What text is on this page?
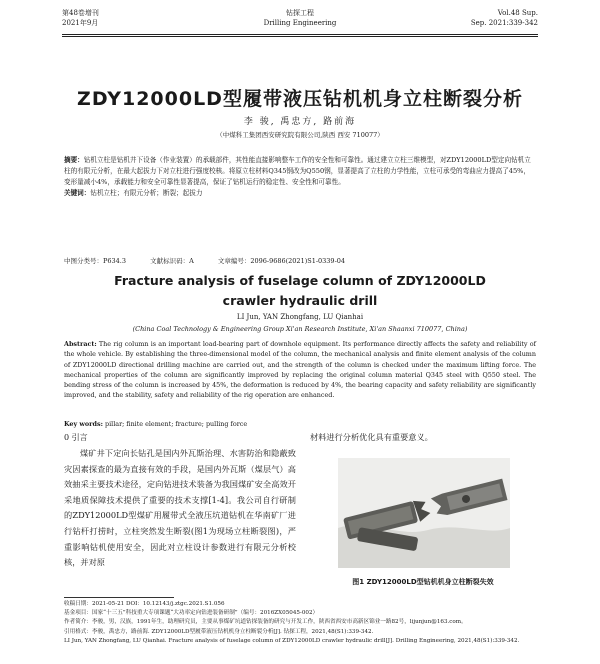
第48卷增刊
2021年9月
钻探工程
Drilling Engineering
Vol.48 Sup.
Sep. 2021:339-342
ZDY12000LD型履带液压钻机机身立柱断裂分析
李 骏, 禹忠方, 路前海
（中煤科工集团西安研究院有限公司,陕西 西安 710077）
摘要：钻机立柱是钻机井下设备（作业装置）的承载部件，其性能直接影响整车工作的安全性和可靠性。通过建立立柱三维模型，对ZDY12000LD型定向钻机立柱的有限元分析，在最大起拔力下对立柱进行强度校核。将原立柱材料Q345钢改为Q550钢，显著提高了立柱的力学性能，立柱可承受的弯曲应力提高了45%，变形量减小4%，承载能力和安全可靠性显著提高，保证了钻机运行的稳定性、安全性和可靠性。
关键词：钻机立柱；有限元分析；断裂；起拔力
中图分类号：P634.3	文献标识码：A	文章编号：2096-9686(2021)S1-0339-04
Fracture analysis of fuselage column of ZDY12000LD
crawler hydraulic drill
LI Jun, YAN Zhongfang, LU Qianhai
(China Coal Technology & Engineering Group Xi'an Research Institute, Xi'an Shaanxi 710077, China)
Abstract: The rig column is an important load-bearing part of downhole equipment. Its performance directly affects the safety and reliability of the whole vehicle. By establishing the three-dimensional model of the column, the mechanical analysis and finite element analysis of the column of ZDY12000LD directional drilling machine are carried out, and the strength of the column is checked under the maximum lifting force. The mechanical properties of the column are significantly improved by replacing the original column material Q345 steel with Q550 steel. The bending stress of the column is increased by 45%, the deformation is reduced by 4%, the bearing capacity and safety reliability are significantly improved, and the stability, safety and reliability of the rig operation are enhanced.
Key words: pillar; finite element; fracture; pulling force
0 引言

煤矿井下定向长钻孔是国内外瓦斯治理、水害防治和隐蔽致灾因素探查的最为直接有效的手段，是国内外瓦斯（煤层气）高效抽采主要技术途径，定向钻进技术装备为我国煤矿安全高效开采地质保障技术提供了重要的技术支撑[1-4]。我公司自行研制的ZDY12000LD型煤矿用履带式全液压坑道钻机在华南矿厂进行钻杆打捞时，立柱突然发生断裂(图1为现场立柱断裂图)，严重影响钻机使用安全，因此对立柱设计参数进行有限元分析校核，并对原

材料进行分析优化具有重要意义。

图1 ZDY12000LD型钻机机身立柱断裂失效
收稿日期：2021-05-21 DOI：10.12143/j.ztgc.2021.S1.056
基金项目：国家“十三五”科技重大专项课题“大功率定向钻进装备研制”（编号：2016ZX05045-002）
作者简介：李骏，男，汉族，1991年生，助理研究员，主要从事煤矿坑道钻探装备的研究与开发工作，陕西省西安市高新区锦业一路82号，lijunjun@163.com。
引用格式：李骏，禹忠方，路前海. ZDY12000LD型履带液压钻机机身立柱断裂分析[J]. 钻探工程，2021,48(S1):339-342.
LI Jun, YAN Zhongfang, LU Qianhai. Fracture analysis of fuselage column of ZDY12000LD crawler hydraulic drill[J]. Drilling Engineering, 2021,48(S1):339-342.
